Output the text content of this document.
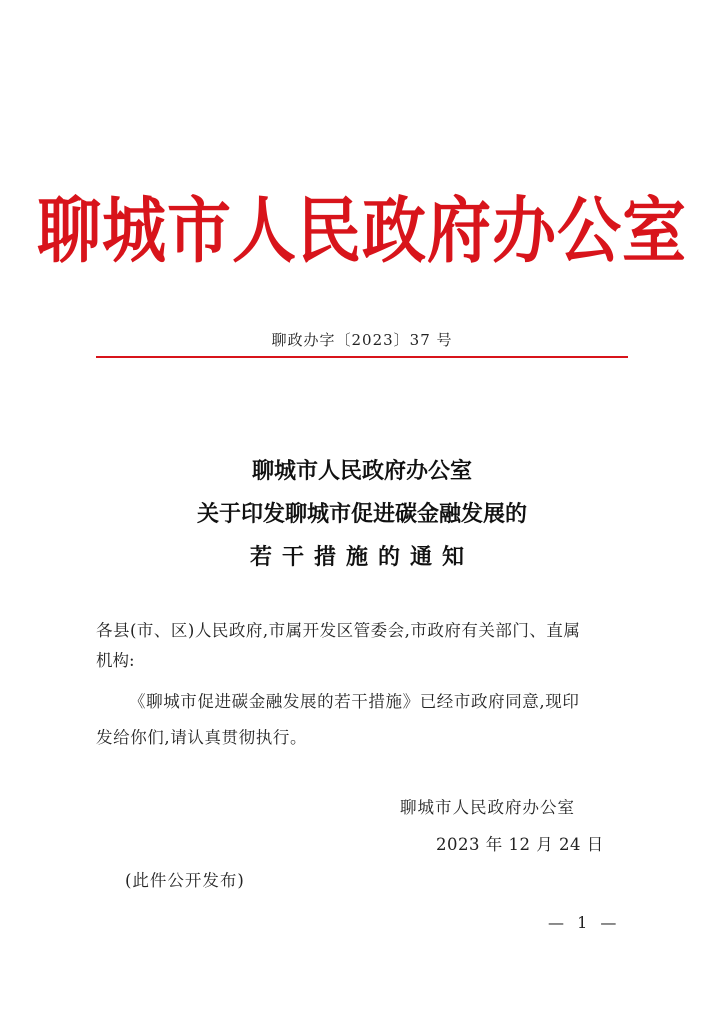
聊城市人民政府办公室
聊政办字〔2023〕37 号
聊城市人民政府办公室
关于印发聊城市促进碳金融发展的
若干措施的通知
各县(市、区)人民政府,市属开发区管委会,市政府有关部门、直属
机构:
《聊城市促进碳金融发展的若干措施》已经市政府同意,现印
发给你们,请认真贯彻执行。
聊城市人民政府办公室
2023 年 12 月 24 日
(此件公开发布)
— 1 —
